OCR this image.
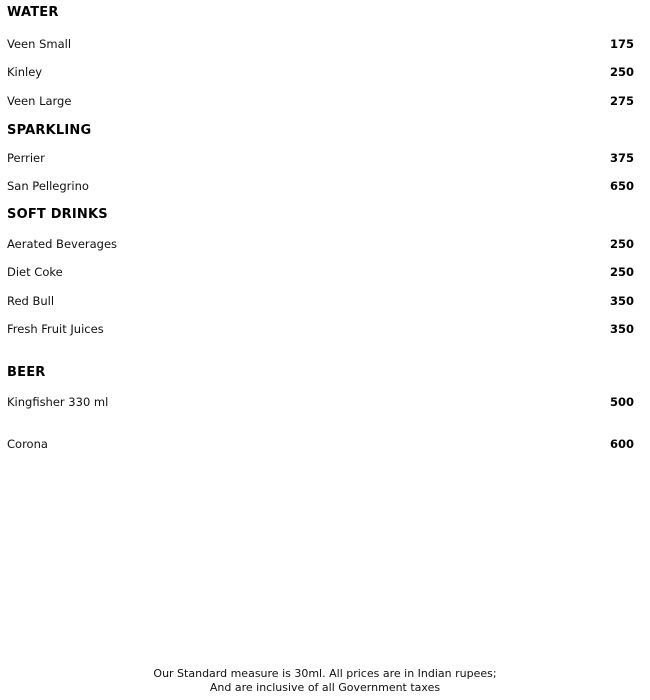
WATER
Veen Small	175
Kinley	250
Veen Large	275
SPARKLING
Perrier	375
San Pellegrino	650
SOFT DRINKS
Aerated Beverages	250
Diet Coke	250
Red Bull	350
Fresh Fruit Juices	350
BEER
Kingfisher 330 ml	500
Corona	600
Our Standard measure is 30ml. All prices are in Indian rupees;
And are inclusive of all Government taxes
